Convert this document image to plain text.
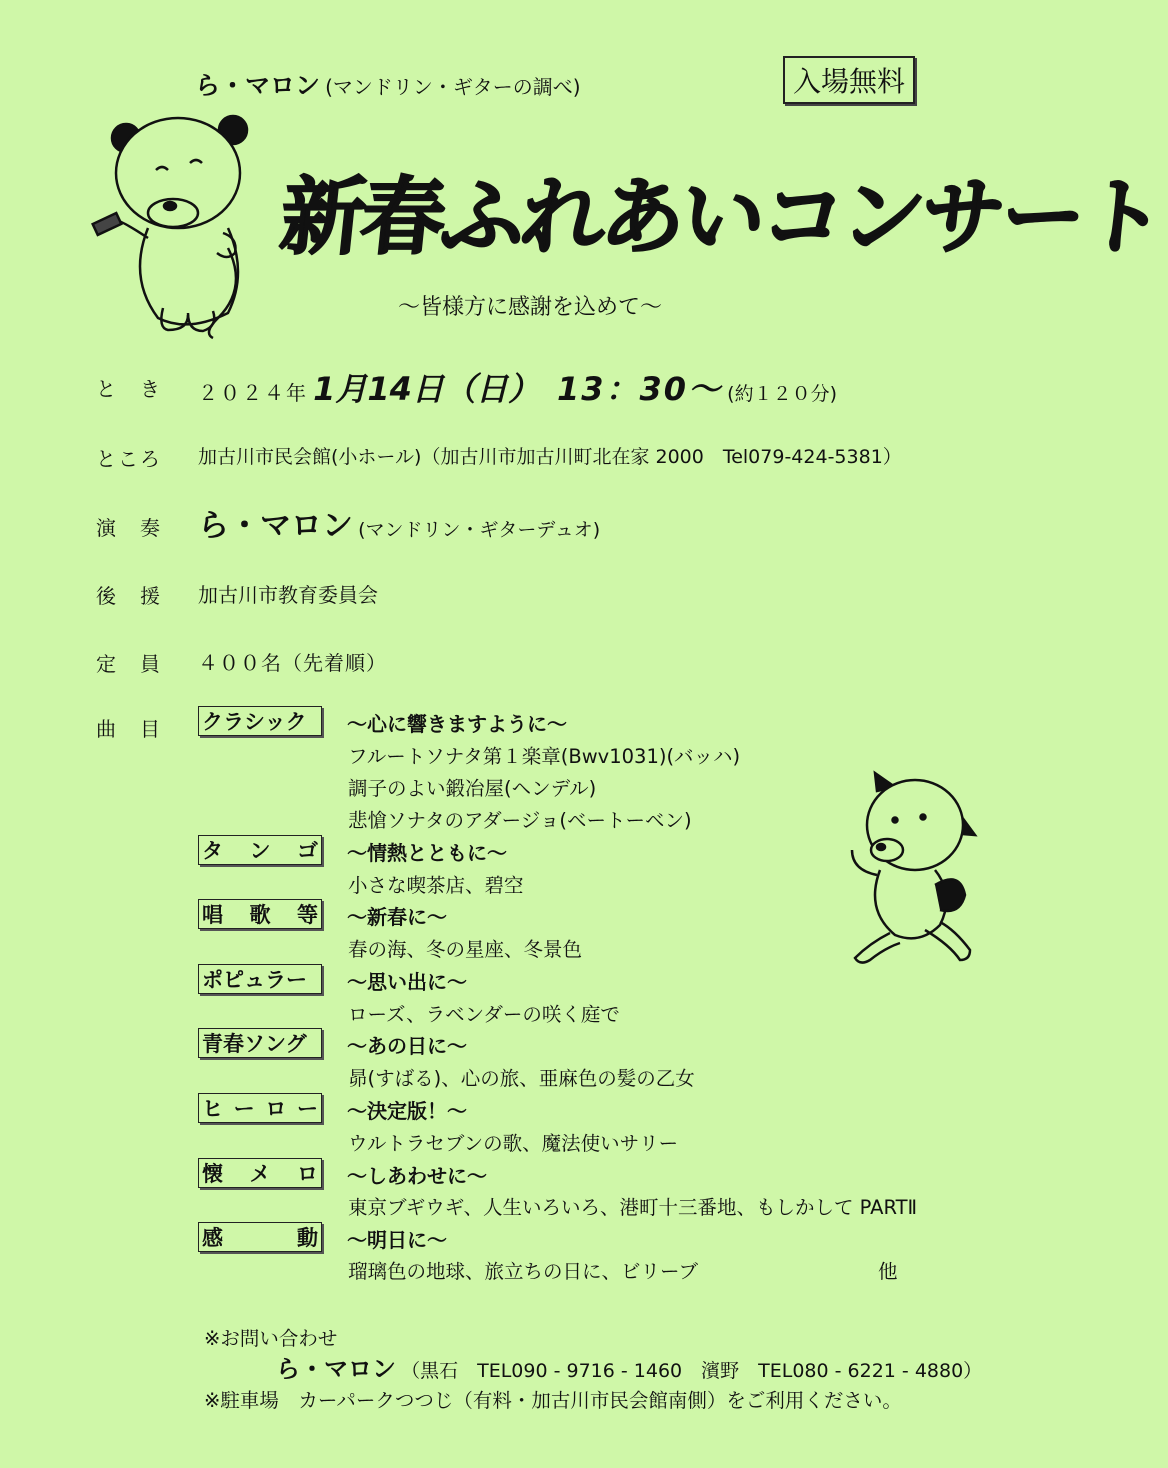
ら・マロン (マンドリン・ギターの調べ)	入場無料
新春ふれあいコンサート
～皆様方に感謝を込めて～
と　き ２０２４年 1月14日（日） 13：30～ (約１２０分)
ところ 加古川市民会館(小ホール)（加古川市加古川町北在家 2000　Tel079-424-5381）
演　奏 ら・マロン (マンドリン・ギターデュオ)
後　援 加古川市教育委員会
定　員 ４００名（先着順）
曲　目 クラシック ～心に響きますように～
フルートソナタ第１楽章(Bwv1031)(バッハ)
調子のよい鍛冶屋(ヘンデル)
悲愴ソナタのアダージョ(ベートーベン)
タ ン ゴ ～情熱とともに～
小さな喫茶店、碧空
唱 歌 等 ～新春に～
春の海、冬の星座、冬景色
ポピュラー ～思い出に～
ローズ、ラベンダーの咲く庭で
青春ソング ～あの日に～
昴(すばる)、心の旅、亜麻色の髪の乙女
ヒ ー ロ ー ～決定版！～
ウルトラセブンの歌、魔法使いサリー
懐 メ ロ ～しあわせに～
東京ブギウギ、人生いろいろ、港町十三番地、もしかして PARTⅡ
感	動 ～明日に～
瑠璃色の地球、旅立ちの日に、ビリーブ	他
※お問い合わせ
ら・マロン （黒石　TEL090 - 9716 - 1460　濱野　TEL080 - 6221 - 4880）
※駐車場　カーパークつつじ（有料・加古川市民会館南側）をご利用ください。
